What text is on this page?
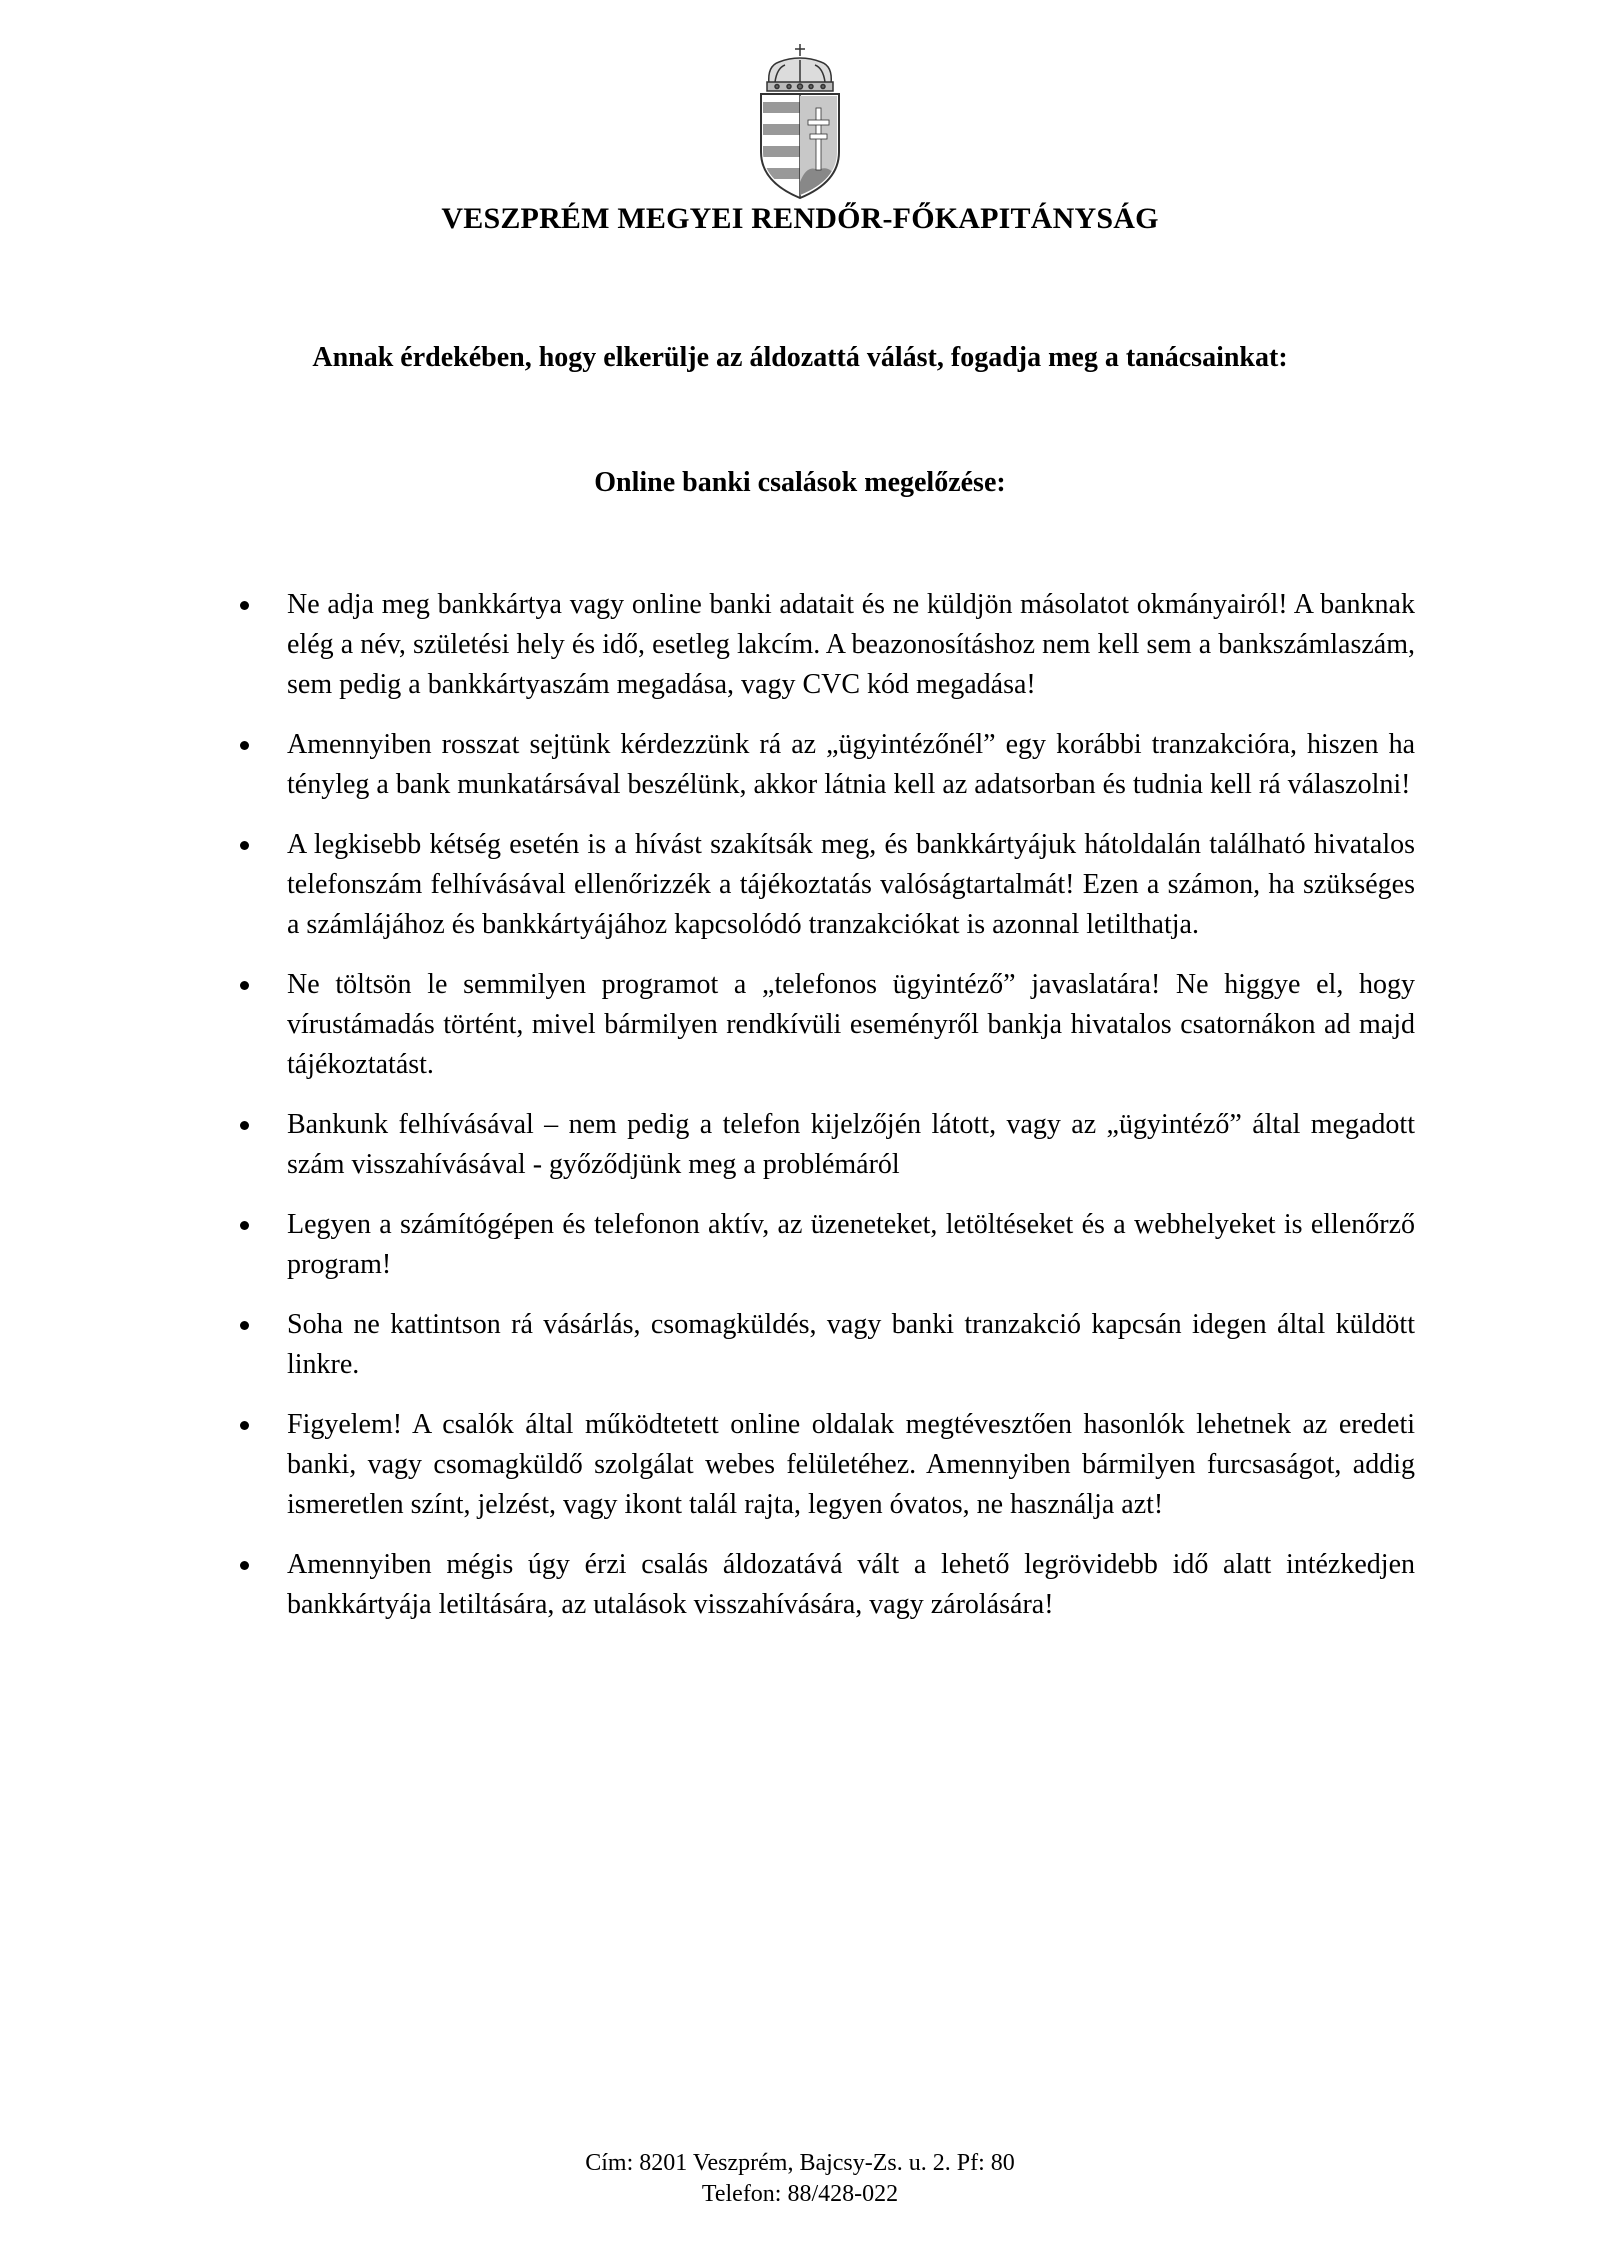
VESZPRÉM MEGYEI RENDŐR-FŐKAPITÁNYSÁG
Annak érdekében, hogy elkerülje az áldozattá válást, fogadja meg a tanácsainkat:
Online banki csalások megelőzése:
Ne adja meg bankkártya vagy online banki adatait és ne küldjön másolatot okmányairól! A banknak elég a név, születési hely és idő, esetleg lakcím. A beazonosításhoz nem kell sem a bankszámlaszám, sem pedig a bankkártyaszám megadása, vagy CVC kód megadása!
Amennyiben rosszat sejtünk kérdezzünk rá az „ügyintézőnél” egy korábbi tranzakcióra, hiszen ha tényleg a bank munkatársával beszélünk, akkor látnia kell az adatsorban és tudnia kell rá válaszolni!
A legkisebb kétség esetén is a hívást szakítsák meg, és bankkártyájuk hátoldalán található hivatalos telefonszám felhívásával ellenőrizzék a tájékoztatás valóságtartalmát! Ezen a számon, ha szükséges a számlájához és bankkártyájához kapcsolódó tranzakciókat is azonnal letilthatja.
Ne töltsön le semmilyen programot a „telefonos ügyintéző” javaslatára! Ne higgye el, hogy vírustámadás történt, mivel bármilyen rendkívüli eseményről bankja hivatalos csatornákon ad majd tájékoztatást.
Bankunk felhívásával – nem pedig a telefon kijelzőjén látott, vagy az „ügyintéző” által megadott szám visszahívásával - győződjünk meg a problémáról
Legyen a számítógépen és telefonon aktív, az üzeneteket, letöltéseket és a webhelyeket is ellenőrző program!
Soha ne kattintson rá vásárlás, csomagküldés, vagy banki tranzakció kapcsán idegen által küldött linkre.
Figyelem! A csalók által működtetett online oldalak megtévesztően hasonlók lehetnek az eredeti banki, vagy csomagküldő szolgálat webes felületéhez. Amennyiben bármilyen furcsaságot, addig ismeretlen színt, jelzést, vagy ikont talál rajta, legyen óvatos, ne használja azt!
Amennyiben mégis úgy érzi csalás áldozatává vált a lehető legrövidebb idő alatt intézkedjen bankkártyája letiltására, az utalások visszahívására, vagy zárolására!
Cím: 8201 Veszprém, Bajcsy-Zs. u. 2. Pf: 80
Telefon: 88/428-022
